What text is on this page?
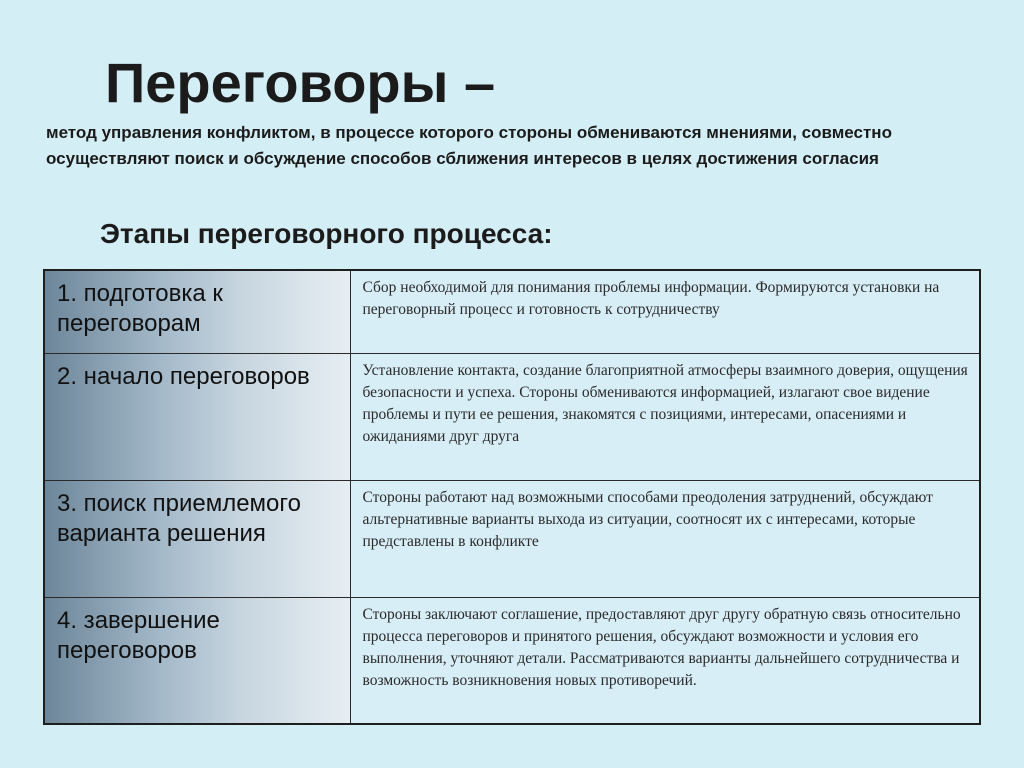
Переговоры –

метод управления конфликтом, в процессе которого стороны обмениваются мнениями, совместно осуществляют поиск и обсуждение способов сближения интересов в целях достижения согласия

Этапы переговорного процесса:
1. подготовка к переговорам	Сбор необходимой для понимания проблемы информации. Формируются установки на переговорный процесс и готовность к сотрудничеству
2. начало переговоров	Установление контакта, создание благоприятной атмосферы взаимного доверия, ощущения безопасности и успеха. Стороны обмениваются информацией, излагают свое видение проблемы и пути ее решения, знакомятся с позициями, интересами, опасениями и ожиданиями друг друга
3. поиск приемлемого варианта решения	Стороны работают над возможными способами преодоления затруднений, обсуждают альтернативные варианты выхода из ситуации, соотносят их с интересами, которые представлены в конфликте
4. завершение переговоров	Стороны заключают соглашение, предоставляют друг другу обратную связь относительно процесса переговоров и принятого решения, обсуждают возможности и условия его выполнения, уточняют детали. Рассматриваются варианты дальнейшего сотрудничества и возможность возникновения новых противоречий.
